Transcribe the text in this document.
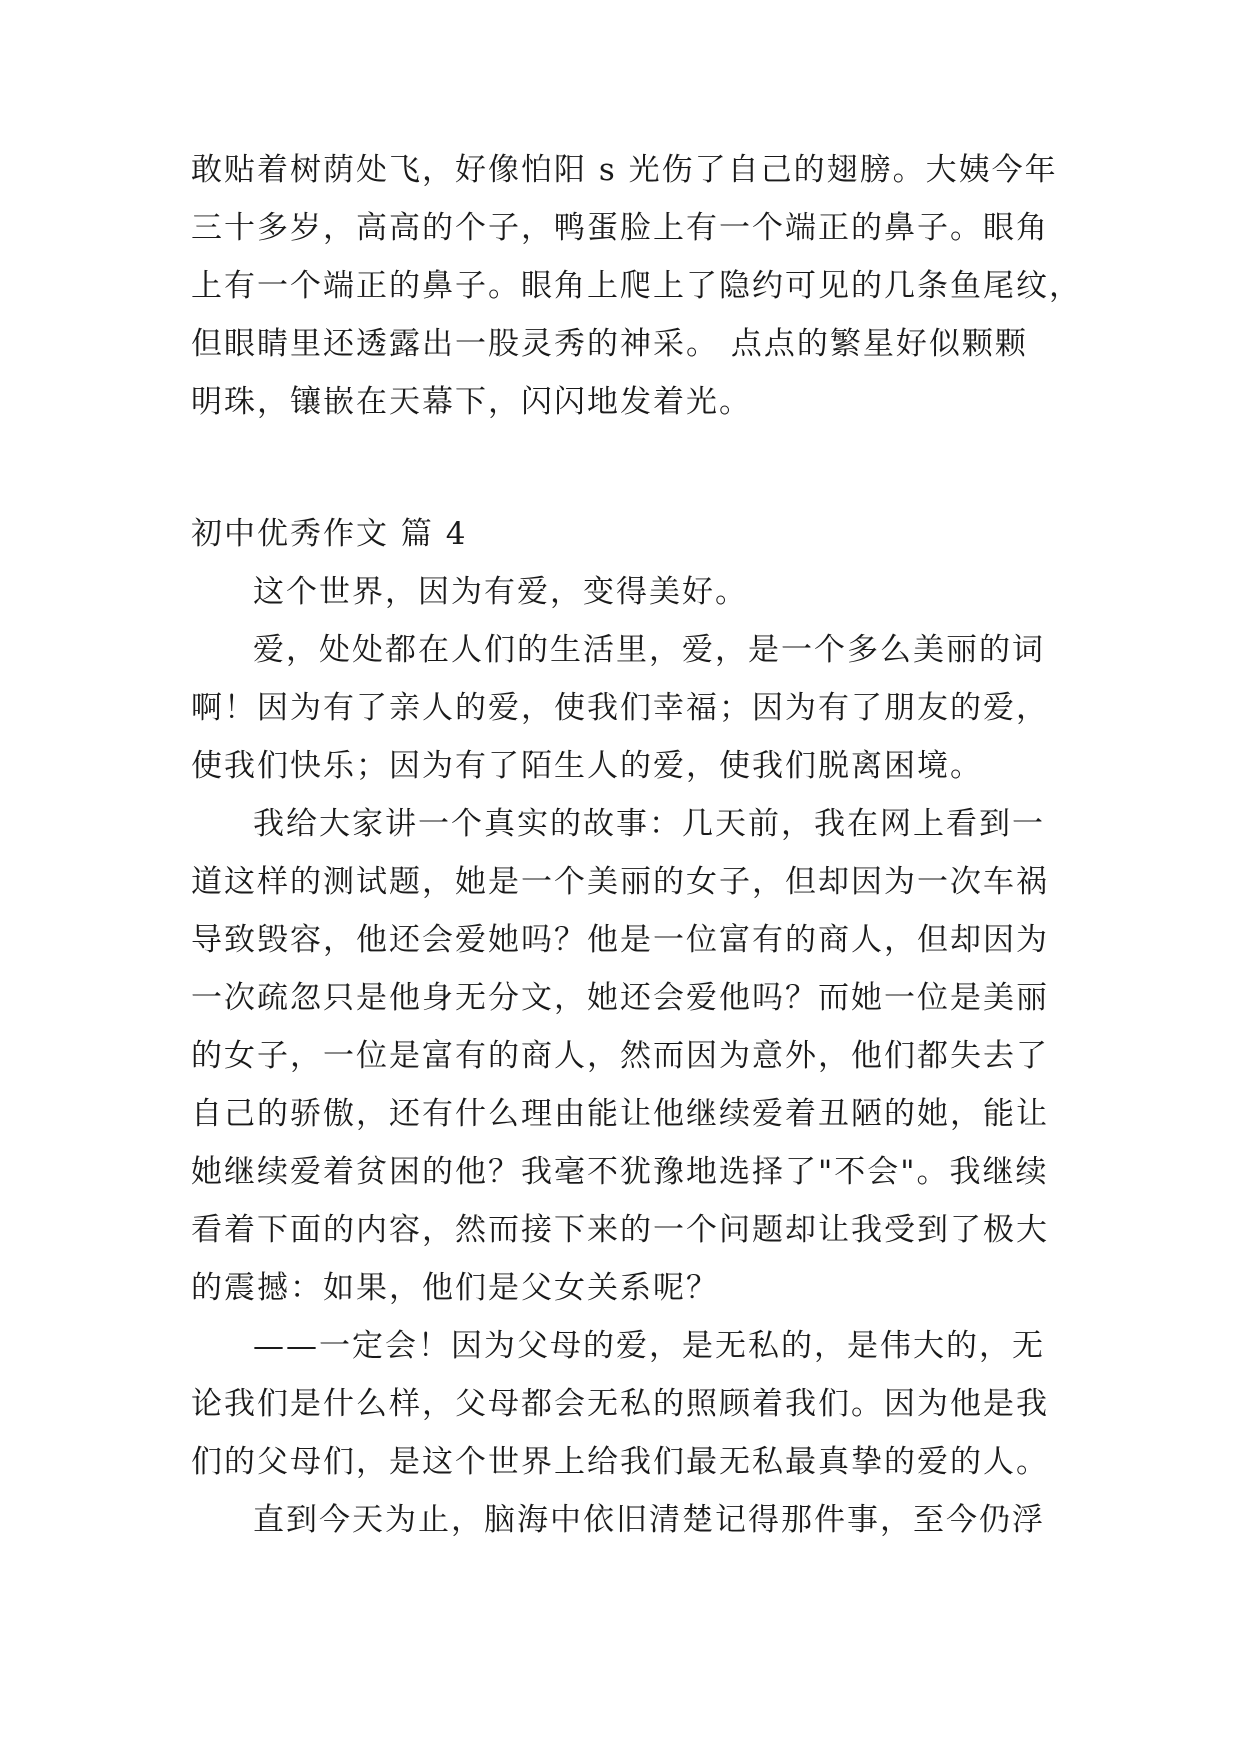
敢贴着树荫处飞，好像怕阳 s 光伤了自己的翅膀。大姨今年
三十多岁，高高的个子，鸭蛋脸上有一个端正的鼻子。眼角
上有一个端正的鼻子。眼角上爬上了隐约可见的几条鱼尾纹，
但眼睛里还透露出一股灵秀的神采。 点点的繁星好似颗颗
明珠，镶嵌在天幕下，闪闪地发着光。
初中优秀作文 篇 4
这个世界，因为有爱，变得美好。
爱，处处都在人们的生活里，爱，是一个多么美丽的词
啊！因为有了亲人的爱，使我们幸福；因为有了朋友的爱，
使我们快乐；因为有了陌生人的爱，使我们脱离困境。
我给大家讲一个真实的故事：几天前，我在网上看到一
道这样的测试题，她是一个美丽的女子，但却因为一次车祸
导致毁容，他还会爱她吗？他是一位富有的商人，但却因为
一次疏忽只是他身无分文，她还会爱他吗？而她一位是美丽
的女子，一位是富有的商人，然而因为意外，他们都失去了
自己的骄傲，还有什么理由能让他继续爱着丑陋的她，能让
她继续爱着贫困的他？我毫不犹豫地选择了"不会"。我继续
看着下面的内容，然而接下来的一个问题却让我受到了极大
的震撼：如果，他们是父女关系呢？
——一定会！因为父母的爱，是无私的，是伟大的，无
论我们是什么样，父母都会无私的照顾着我们。因为他是我
们的父母们，是这个世界上给我们最无私最真挚的爱的人。
直到今天为止，脑海中依旧清楚记得那件事，至今仍浮
